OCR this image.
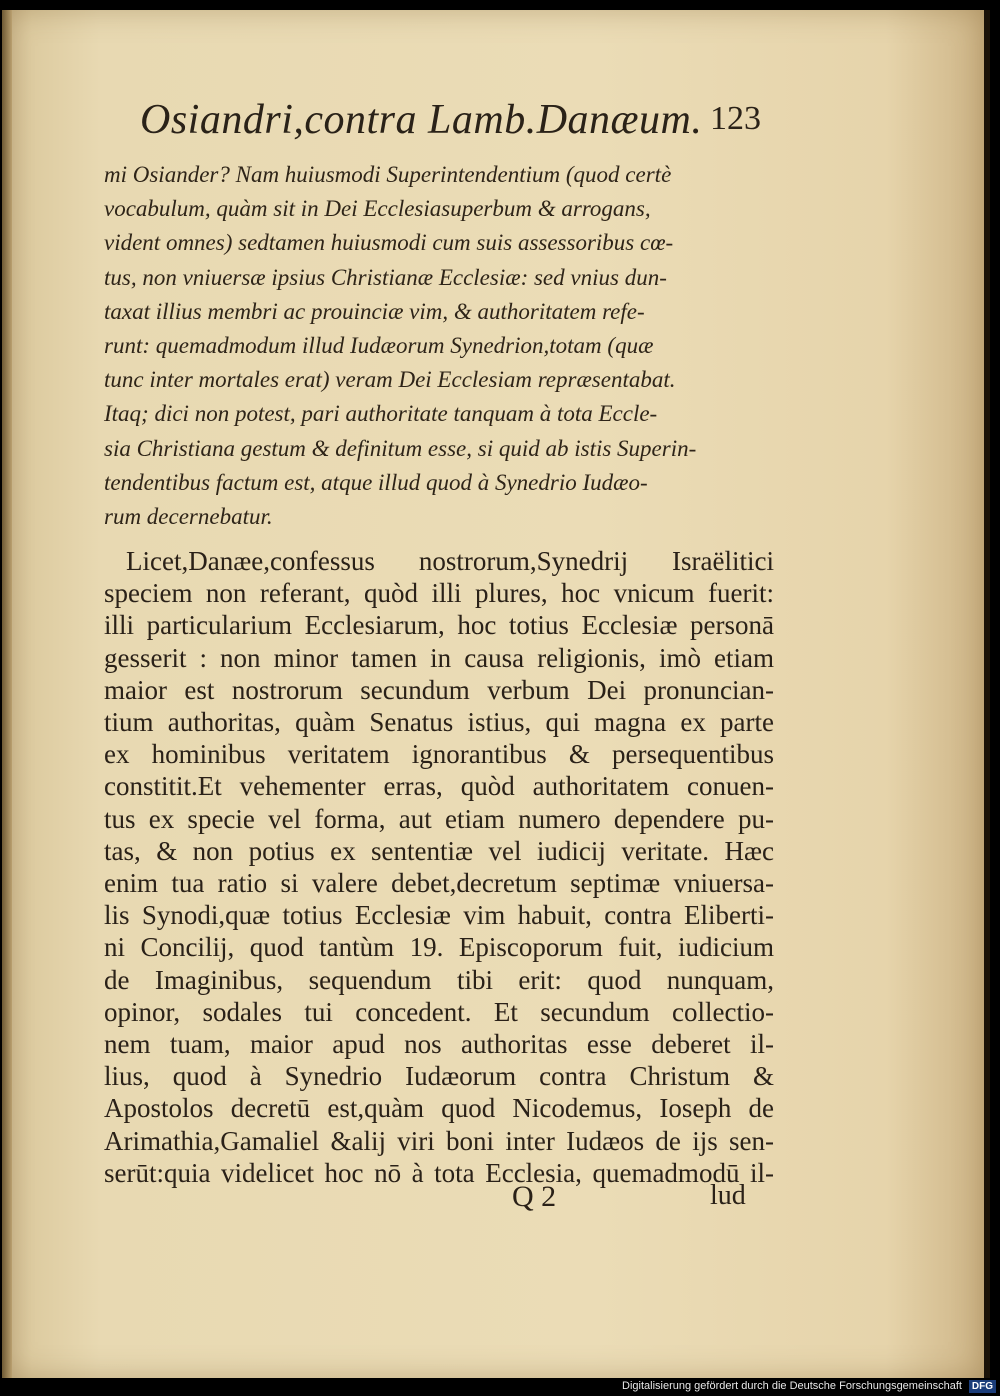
Osiandri,contra Lamb.Danæum. 123
mi Osiander? Nam huiusmodi Superintendentium (quod certè
vocabulum, quàm sit in Dei Ecclesiasuperbum & arrogans,
vident omnes) sedtamen huiusmodi cum suis assessoribus cœ-
tus, non vniuersæ ipsius Christianæ Ecclesiæ: sed vnius dun-
taxat illius membri ac prouinciæ vim, & authoritatem refe-
runt: quemadmodum illud Iudæorum Synedrion,totam (quæ
tunc inter mortales erat) veram Dei Ecclesiam repræsentabat.
Itaq; dici non potest, pari authoritate tanquam à tota Eccle-
sia Christiana gestum & definitum esse, si quid ab istis Superin-
tendentibus factum est, atque illud quod à Synedrio Iudæo-
rum decernebatur.
Licet,Danæe,confessus nostrorum,Synedrij Israëlitici
speciem non referant, quòd illi plures, hoc vnicum fuerit:
illi particularium Ecclesiarum, hoc totius Ecclesiæ personā
gesserit : non minor tamen in causa religionis, imò etiam
maior est nostrorum secundum verbum Dei pronuncian-
tium authoritas, quàm Senatus istius, qui magna ex parte
ex hominibus veritatem ignorantibus & persequentibus
constitit.Et vehementer erras, quòd authoritatem conuen-
tus ex specie vel forma, aut etiam numero dependere pu-
tas, & non potius ex sententiæ vel iudicij veritate. Hæc
enim tua ratio si valere debet,decretum septimæ vniuersa-
lis Synodi,quæ totius Ecclesiæ vim habuit, contra Eliberti-
ni Concilij, quod tantùm 19. Episcoporum fuit, iudicium
de Imaginibus, sequendum tibi erit: quod nunquam,
opinor, sodales tui concedent. Et secundum collectio-
nem tuam, maior apud nos authoritas esse deberet il-
lius, quod à Synedrio Iudæorum contra Christum &
Apostolos decretū est,quàm quod Nicodemus, Ioseph de
Arimathia,Gamaliel &alij viri boni inter Iudæos de ijs sen-
serūt:quia videlicet hoc nō à tota Ecclesia, quemadmodū il-
Q 2	lud
Digitalisierung gefördert durch die Deutsche Forschungsgemeinschaft DFG
